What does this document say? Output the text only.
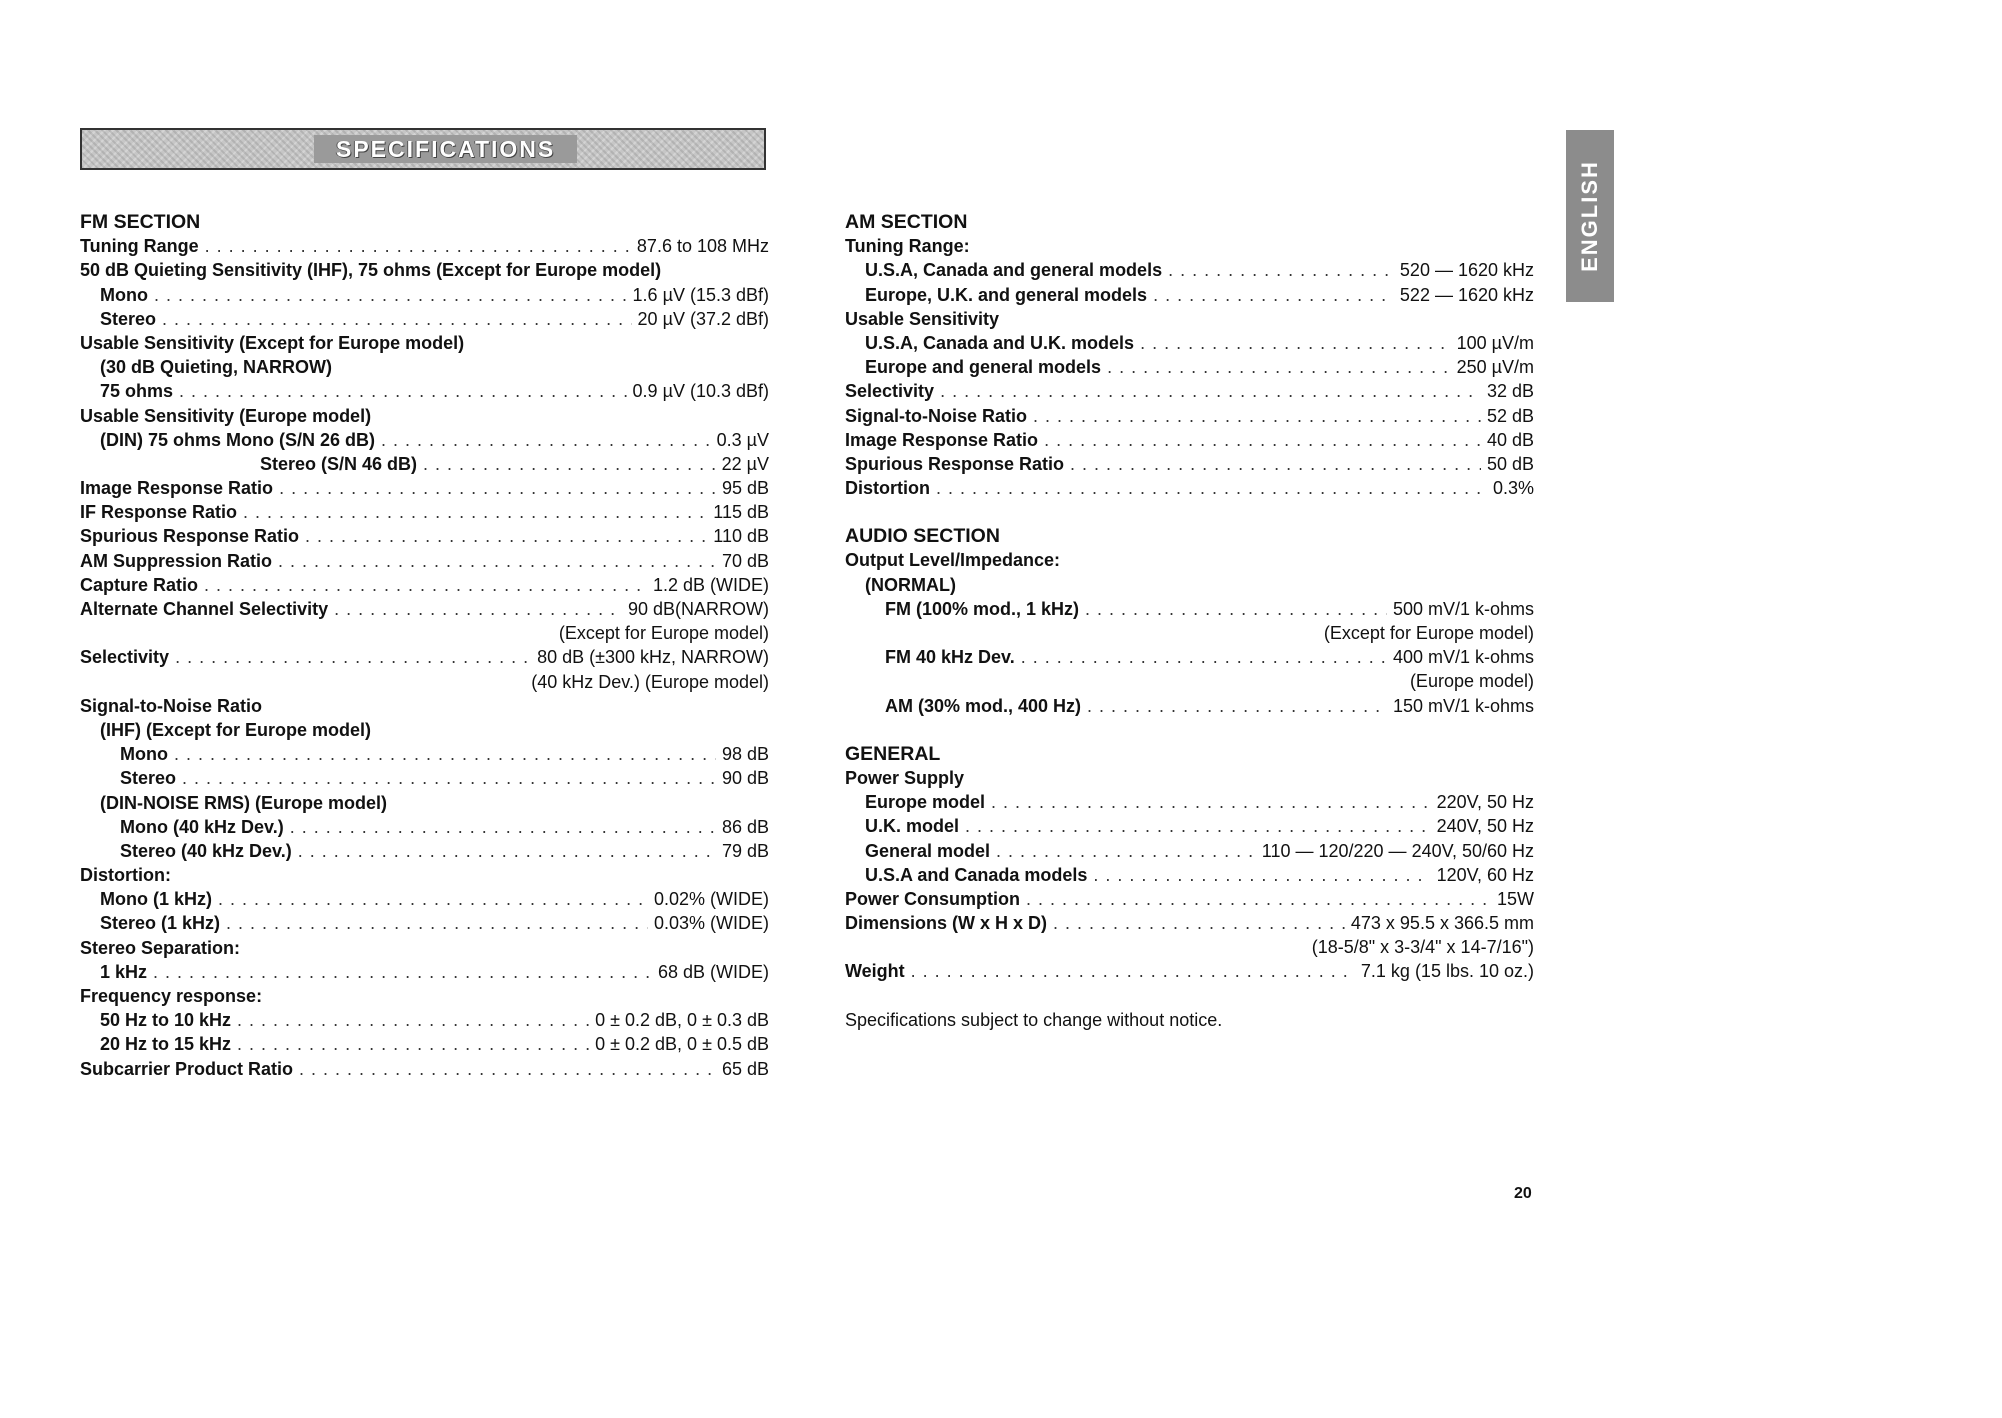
SPECIFICATIONS
ENGLISH
FM SECTION
Tuning Range . . .	87.6 to 108 MHz
50 dB Quieting Sensitivity (IHF), 75 ohms (Except for Europe model)
Mono . . .	1.6 µV (15.3 dBf)
Stereo . . .	20 µV (37.2 dBf)
Usable Sensitivity (Except for Europe model)
(30 dB Quieting, NARROW)
75 ohms . . .	0.9 µV (10.3 dBf)
Usable Sensitivity (Europe model)
(DIN) 75 ohms Mono (S/N 26 dB) . . .	0.3 µV
Stereo (S/N 46 dB) . . .	22 µV
Image Response Ratio . . .	95 dB
IF Response Ratio . . .	115 dB
Spurious Response Ratio . . .	110 dB
AM Suppression Ratio . . .	70 dB
Capture Ratio . . .	1.2 dB (WIDE)
Alternate Channel Selectivity . . .	90 dB(NARROW)
(Except for Europe model)
Selectivity . . .	80 dB (±300 kHz, NARROW)
(40 kHz Dev.) (Europe model)
Signal-to-Noise Ratio
(IHF) (Except for Europe model)
Mono . . .	98 dB
Stereo . . .	90 dB
(DIN-NOISE RMS) (Europe model)
Mono (40 kHz Dev.) . . .	86 dB
Stereo (40 kHz Dev.) . . .	79 dB
Distortion:
Mono (1 kHz) . . .	0.02% (WIDE)
Stereo (1 kHz) . . .	0.03% (WIDE)
Stereo Separation:
1 kHz . . .	68 dB (WIDE)
Frequency response:
50 Hz to 10 kHz . . .	0 ± 0.2 dB, 0 ± 0.3 dB
20 Hz to 15 kHz . . .	0 ± 0.2 dB, 0 ± 0.5 dB
Subcarrier Product Ratio . . .	65 dB
AM SECTION
Tuning Range:
U.S.A, Canada and general models . . .	520 — 1620 kHz
Europe, U.K. and general models . . .	522 — 1620 kHz
Usable Sensitivity
U.S.A, Canada and U.K. models . . .	100 µV/m
Europe and general models . . .	250 µV/m
Selectivity . . .	32 dB
Signal-to-Noise Ratio . . .	52 dB
Image Response Ratio . . .	40 dB
Spurious Response Ratio . . .	50 dB
Distortion . . .	0.3%
AUDIO SECTION
Output Level/Impedance:
(NORMAL)
FM (100% mod., 1 kHz) . . .	500 mV/1 k-ohms
(Except for Europe model)
FM 40 kHz Dev. . . .	400 mV/1 k-ohms
(Europe model)
AM (30% mod., 400 Hz) . . .	150 mV/1 k-ohms
GENERAL
Power Supply
Europe model . . .	220V, 50 Hz
U.K. model . . .	240V, 50 Hz
General model . . .	110 — 120/220 — 240V, 50/60 Hz
U.S.A and Canada models . . .	120V, 60 Hz
Power Consumption . . .	15W
Dimensions (W x H x D) . . .	473 x 95.5 x 366.5 mm
(18-5/8" x 3-3/4" x 14-7/16")
Weight . . .	7.1 kg (15 lbs. 10 oz.)
Specifications subject to change without notice.
20
